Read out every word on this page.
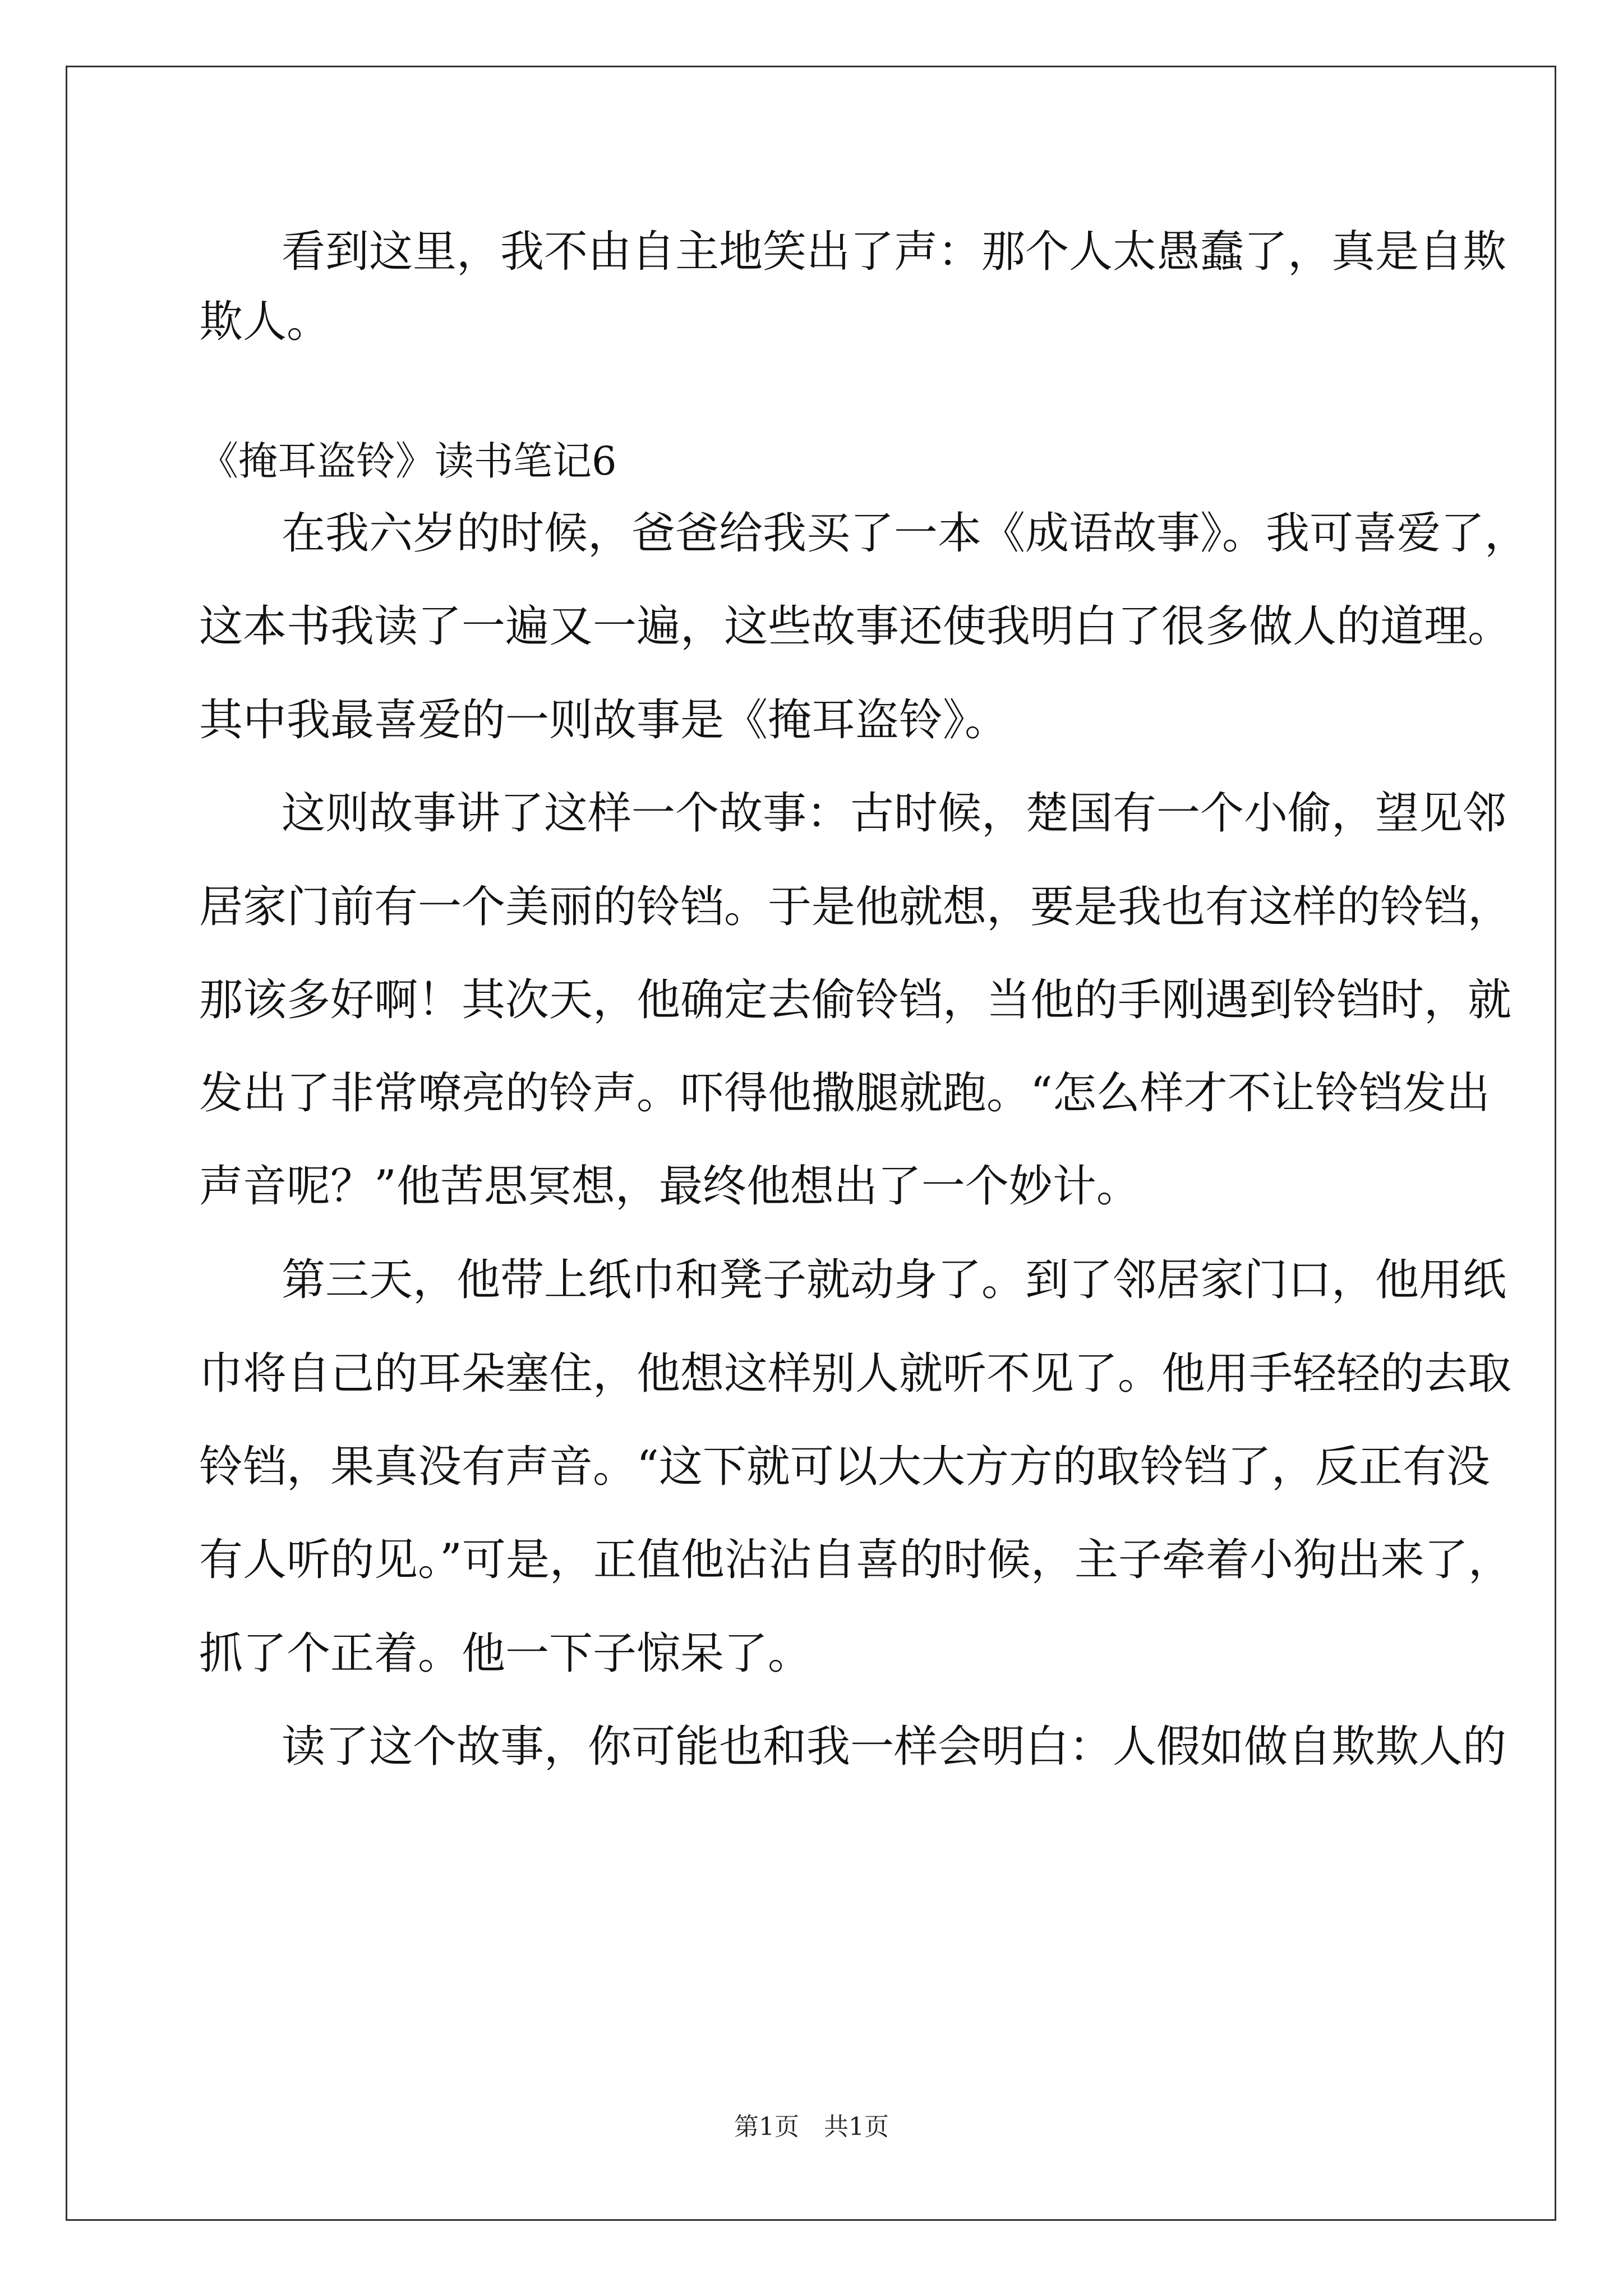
看到这里，我不由自主地笑出了声：那个人太愚蠢了，真是自欺
欺人。
《掩耳盗铃》读书笔记6
在我六岁的时候，爸爸给我买了一本《成语故事》。我可喜爱了，
这本书我读了一遍又一遍，这些故事还使我明白了很多做人的道理。
其中我最喜爱的一则故事是《掩耳盗铃》。
这则故事讲了这样一个故事：古时候，楚国有一个小偷，望见邻
居家门前有一个美丽的铃铛。于是他就想，要是我也有这样的铃铛，
那该多好啊！其次天，他确定去偷铃铛，当他的手刚遇到铃铛时，就
发出了非常嘹亮的铃声。吓得他撒腿就跑。“怎么样才不让铃铛发出
声音呢？”他苦思冥想，最终他想出了一个妙计。
第三天，他带上纸巾和凳子就动身了。到了邻居家门口，他用纸
巾将自己的耳朵塞住，他想这样别人就听不见了。他用手轻轻的去取
铃铛，果真没有声音。“这下就可以大大方方的取铃铛了，反正有没
有人听的见。”可是，正值他沾沾自喜的时候，主子牵着小狗出来了，
抓了个正着。他一下子惊呆了。
读了这个故事，你可能也和我一样会明白：人假如做自欺欺人的
第1页　共1页
